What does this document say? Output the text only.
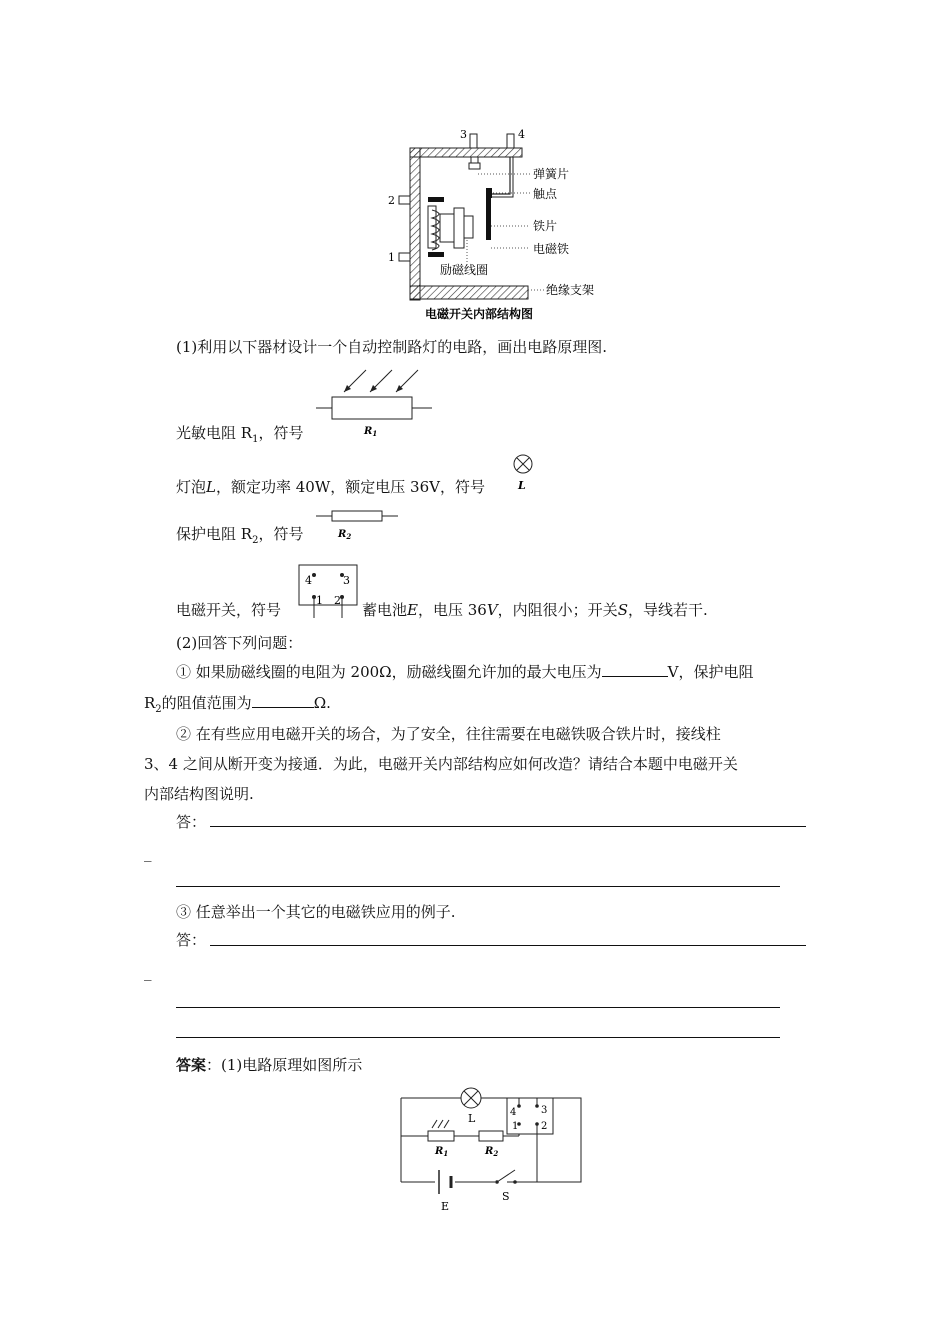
3	4
2
1
弹簧片
触点
铁片
电磁铁
励磁线圈
绝缘支架
电磁开关内部结构图
(1)利用以下器材设计一个自动控制路灯的电路，画出电路原理图.
光敏电阻 $R_1$，符号	$R_1$
灯泡L，额定功率 40W，额定电压 36V，符号	L
保护电阻 $R_2$，符号	$R_2$
电磁开关，符号
4	3
1 2
蓄电池E，电压 36V，内阻很小；开关S，导线若干.
(2)回答下列问题：
① 如果励磁线圈的电阻为 200Ω，励磁线圈允许加的最大电压为	V，保护电阻
$R_2$的阻值范围为	Ω.
② 在有些应用电磁开关的场合，为了安全，往往需要在电磁铁吸合铁片时，接线柱
3、4 之间从断开变为接通．为此，电磁开关内部结构应如何改造？请结合本题中电磁开关
内部结构图说明.
答：
_
③ 任意举出一个其它的电磁铁应用的例子.
答：
_
答案：(1)电路原理如图所示
L
$R_1$	$R_2$
4 3
1 2
E
S
